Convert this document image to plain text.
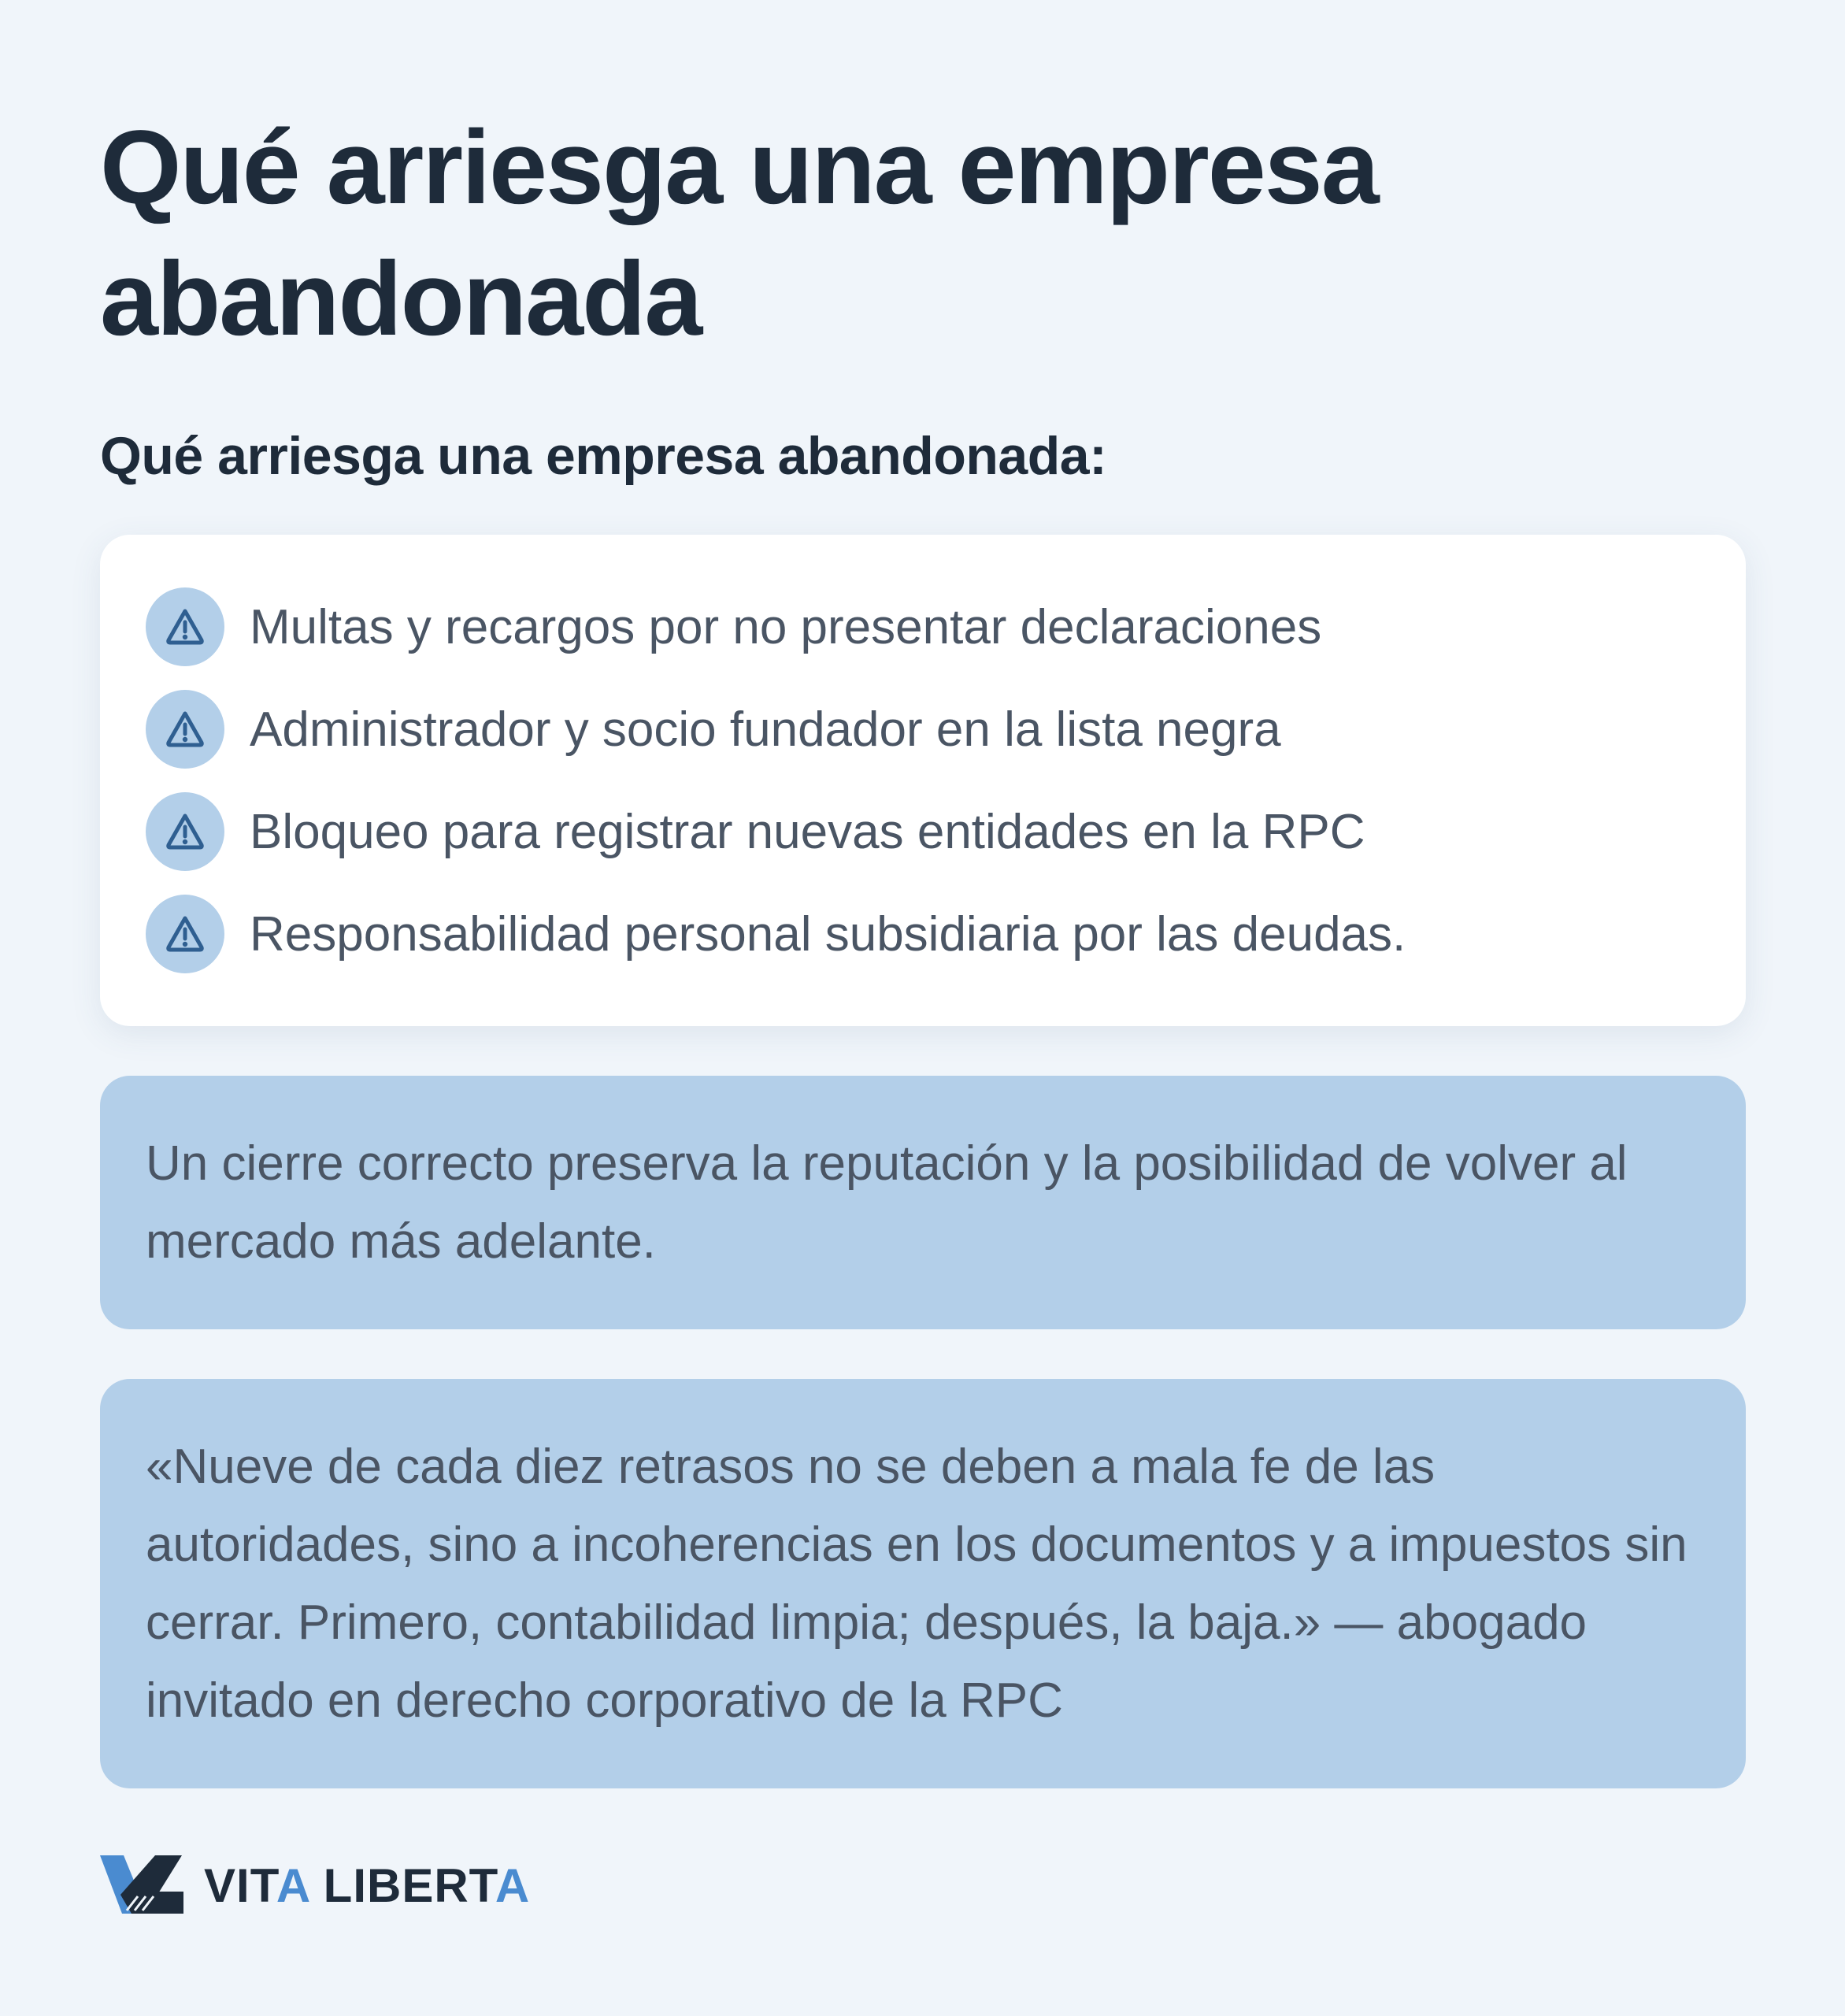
Qué arriesga una empresa abandonada
Qué arriesga una empresa abandonada:
Multas y recargos por no presentar declaraciones
Administrador y socio fundador en la lista negra
Bloqueo para registrar nuevas entidades en la RPC
Responsabilidad personal subsidiaria por las deudas.
Un cierre correcto preserva la reputación y la posibilidad de volver al mercado más adelante.
«Nueve de cada diez retrasos no se deben a mala fe de las autoridades, sino a incoherencias en los documentos y a impuestos sin cerrar. Primero, contabilidad limpia; después, la baja.» — abogado invitado en derecho corporativo de la RPC
VITA LIBERTA
